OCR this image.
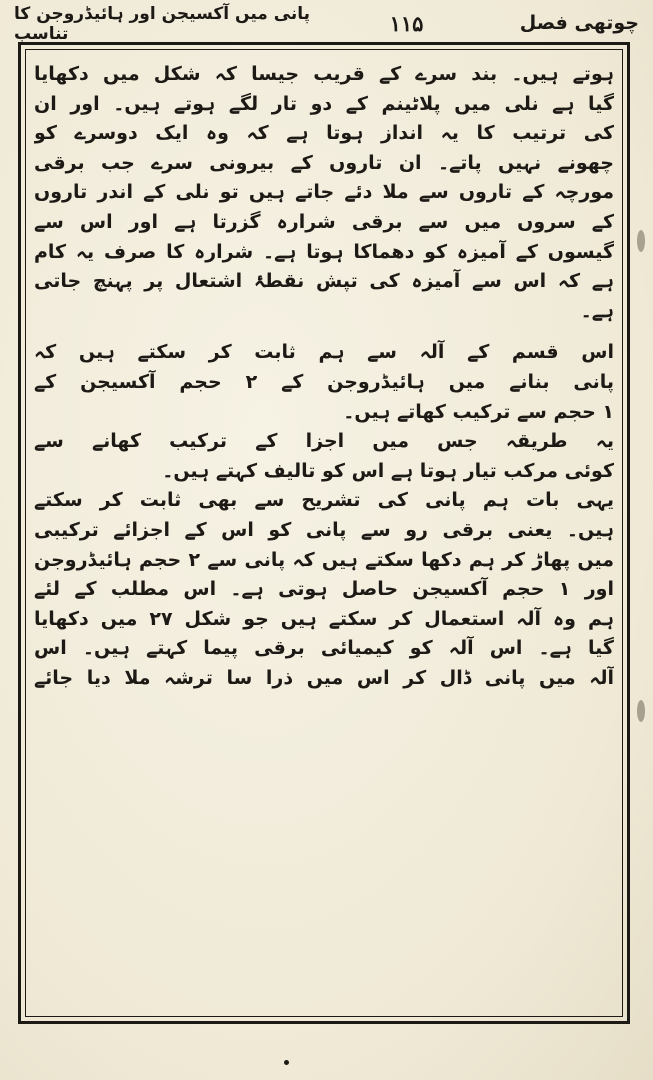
چوتھی فصل
۱۱۵
پانی میں آکسیجن اور ہائیڈروجن کا تناسب
ہوتے ہیں۔ بند سرے کے قریب جیسا کہ شکل میں دکھایا
گیا ہے نلی میں پلاٹینم کے دو تار لگے ہوتے ہیں۔ اور ان
کی ترتیب کا یہ انداز ہوتا ہے کہ وہ ایک دوسرے کو
چھونے نہیں پاتے۔ ان تاروں کے بیرونی سرے جب برقی
مورچہ کے تاروں سے ملا دئے جاتے ہیں تو نلی کے اندر تاروں
کے سروں میں سے برقی شرارہ گزرتا ہے اور اس سے
گیسوں کے آمیزہ کو دھماکا ہوتا ہے۔ شرارہ کا صرف یہ کام
ہے کہ اس سے آمیزہ کی تپش نقطۂ اشتعال پر پہنچ جاتی
ہے۔
اس قسم کے آلہ سے ہم ثابت کر سکتے ہیں کہ
پانی بنانے میں ہائیڈروجن کے ۲ حجم آکسیجن کے
۱ حجم سے ترکیب کھاتے ہیں۔
یہ طریقہ جس میں اجزا کے ترکیب کھانے سے
کوئی مرکب تیار ہوتا ہے اس کو تالیف کہتے ہیں۔
یہی بات ہم پانی کی تشریح سے بھی ثابت کر سکتے
ہیں۔ یعنی برقی رو سے پانی کو اس کے اجزائے ترکیبی
میں پھاڑ کر ہم دکھا سکتے ہیں کہ پانی سے ۲ حجم ہائیڈروجن
اور ۱ حجم آکسیجن حاصل ہوتی ہے۔ اس مطلب کے لئے
ہم وہ آلہ استعمال کر سکتے ہیں جو شکل ۲۷ میں دکھایا
گیا ہے۔ اس آلہ کو کیمیائی برقی پیما کہتے ہیں۔ اس
آلہ میں پانی ڈال کر اس میں ذرا سا ترشہ ملا دیا جائے
